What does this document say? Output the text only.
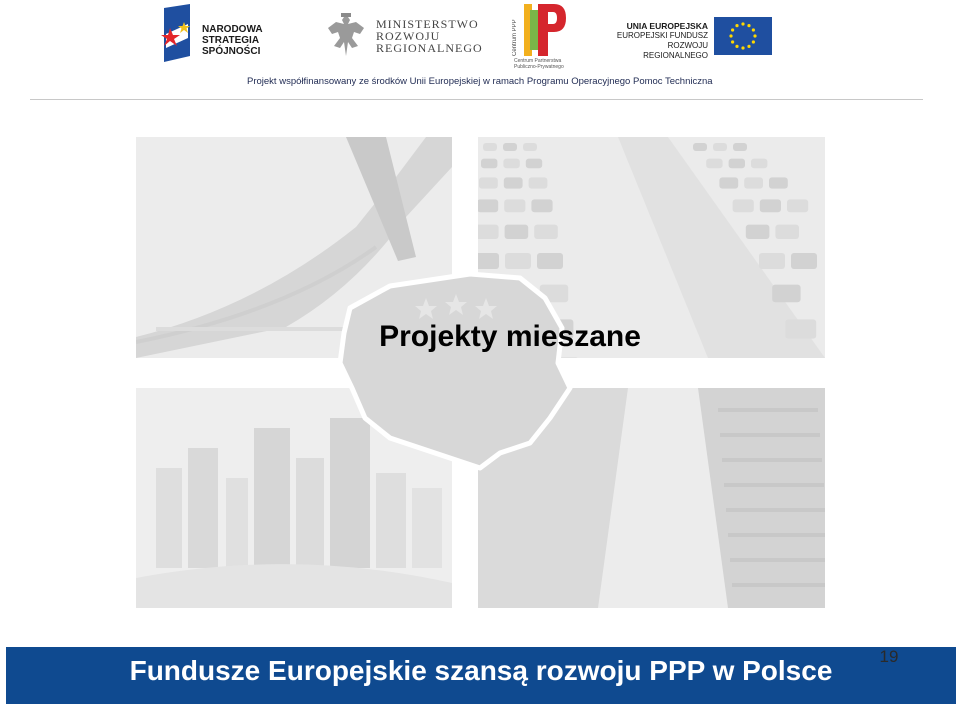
NARODOWA
STRATEGIA SPÓJNOŚCI
MINISTERSTWO
ROZWOJU
REGIONALNEGO	Centrum PPP
Centrum Partnerstwa
Publiczno-Prywatnego
UNIA EUROPEJSKA
EUROPEJSKI FUNDUSZ
ROZWOJU REGIONALNEGO
Projekt współfinansowany ze środków Unii Europejskiej w ramach Programu Operacyjnego Pomoc Techniczna
Projekty mieszane
Fundusze Europejskie szansą rozwoju PPP w Polsce	19
